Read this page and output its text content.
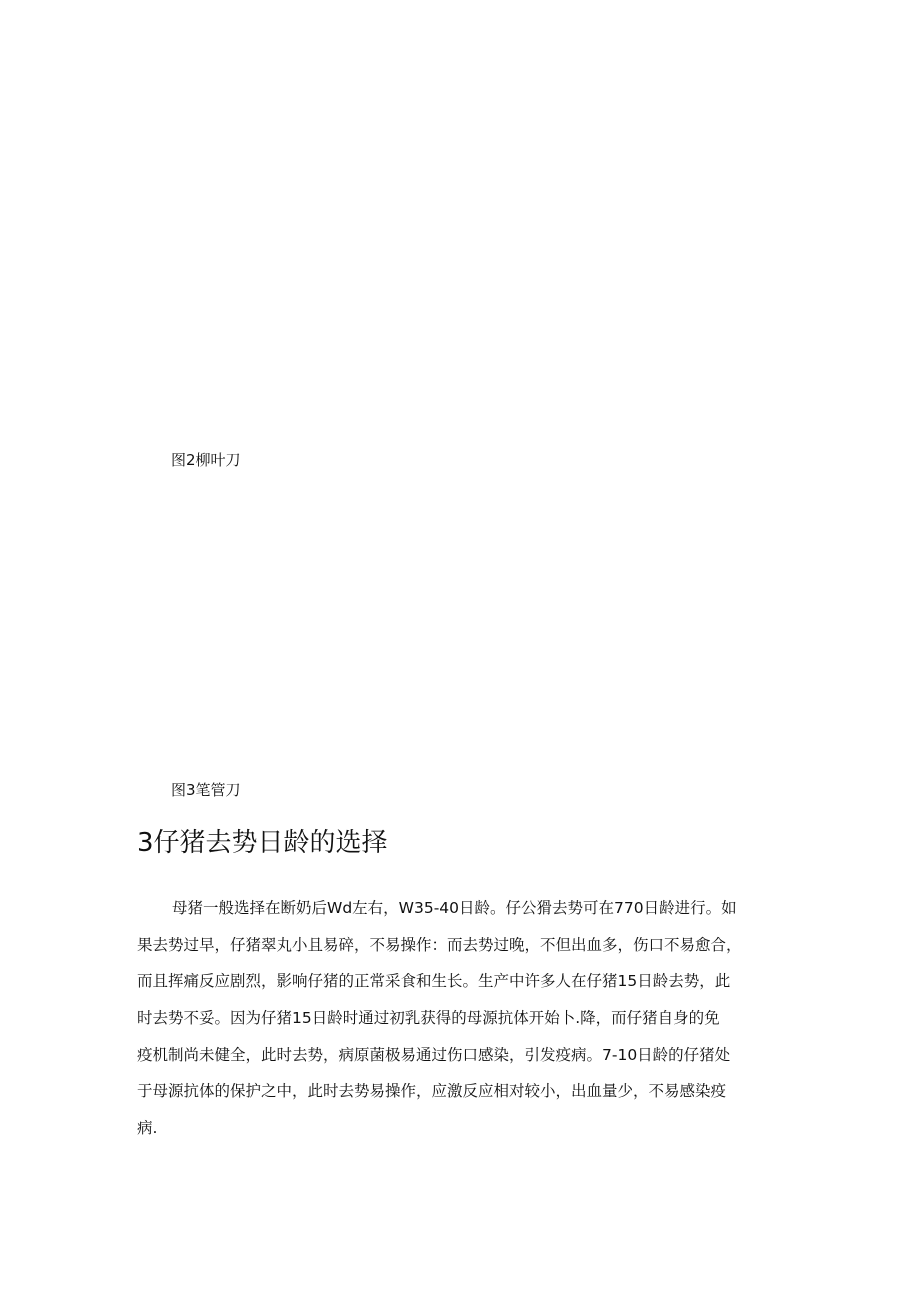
图2柳叶刀
图3笔管刀
3仔猪去势日龄的选择
母猪一般选择在断奶后Wd左右，W35-40日龄。仔公猾去势可在770日龄进行。如
果去势过早，仔猪翠丸小且易碎，不易操作：而去势过晚，不但出血多，伤口不易愈合，
而且挥痛反应剧烈，影响仔猪的正常采食和生长。生产中许多人在仔猪15日龄去势，此
时去势不妥。因为仔猪15日龄时通过初乳获得的母源抗体开始卜.降，而仔猪自身的免
疫机制尚未健全，此时去势，病原菌极易通过伤口感染，引发疫病。7-10日龄的仔猪处
于母源抗体的保护之中，此时去势易操作，应激反应相对较小，出血量少，不易感染疫
病.
